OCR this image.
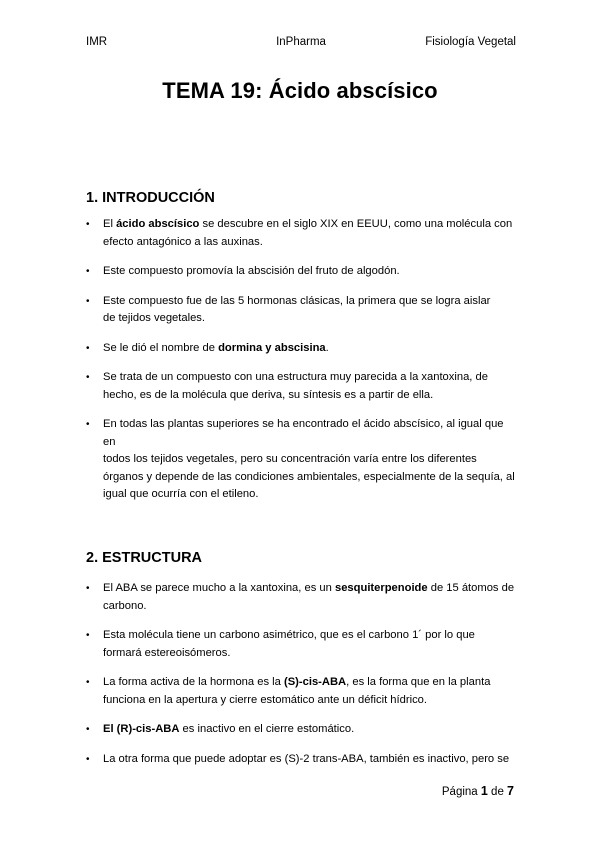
IMR	InPharma	Fisiología Vegetal
TEMA 19: Ácido abscísico
1. INTRODUCCIÓN
• El ácido abscísico se descubre en el siglo XIX en EEUU, como una molécula con
efecto antagónico a las auxinas.
• Este compuesto promovía la abscisión del fruto de algodón.
• Este compuesto fue de las 5 hormonas clásicas, la primera que se logra aislar
de tejidos vegetales.
• Se le dió el nombre de dormina y abscisina.
• Se trata de un compuesto con una estructura muy parecida a la xantoxina, de
hecho, es de la molécula que deriva, su síntesis es a partir de ella.
• En todas las plantas superiores se ha encontrado el ácido abscísico, al igual que en
todos los tejidos vegetales, pero su concentración varía entre los diferentes
órganos y depende de las condiciones ambientales, especialmente de la sequía, al
igual que ocurría con el etileno.
2. ESTRUCTURA
• El ABA se parece mucho a la xantoxina, es un sesquiterpenoide de 15 átomos de
carbono.
• Esta molécula tiene un carbono asimétrico, que es el carbono 1´ por lo que
formará estereoisómeros.
• La forma activa de la hormona es la (S)-cis-ABA, es la forma que en la planta
funciona en la apertura y cierre estomático ante un déficit hídrico.
• El (R)-cis-ABA es inactivo en el cierre estomático.
• La otra forma que puede adoptar es (S)-2 trans-ABA, también es inactivo, pero se
Página 1 de 7
